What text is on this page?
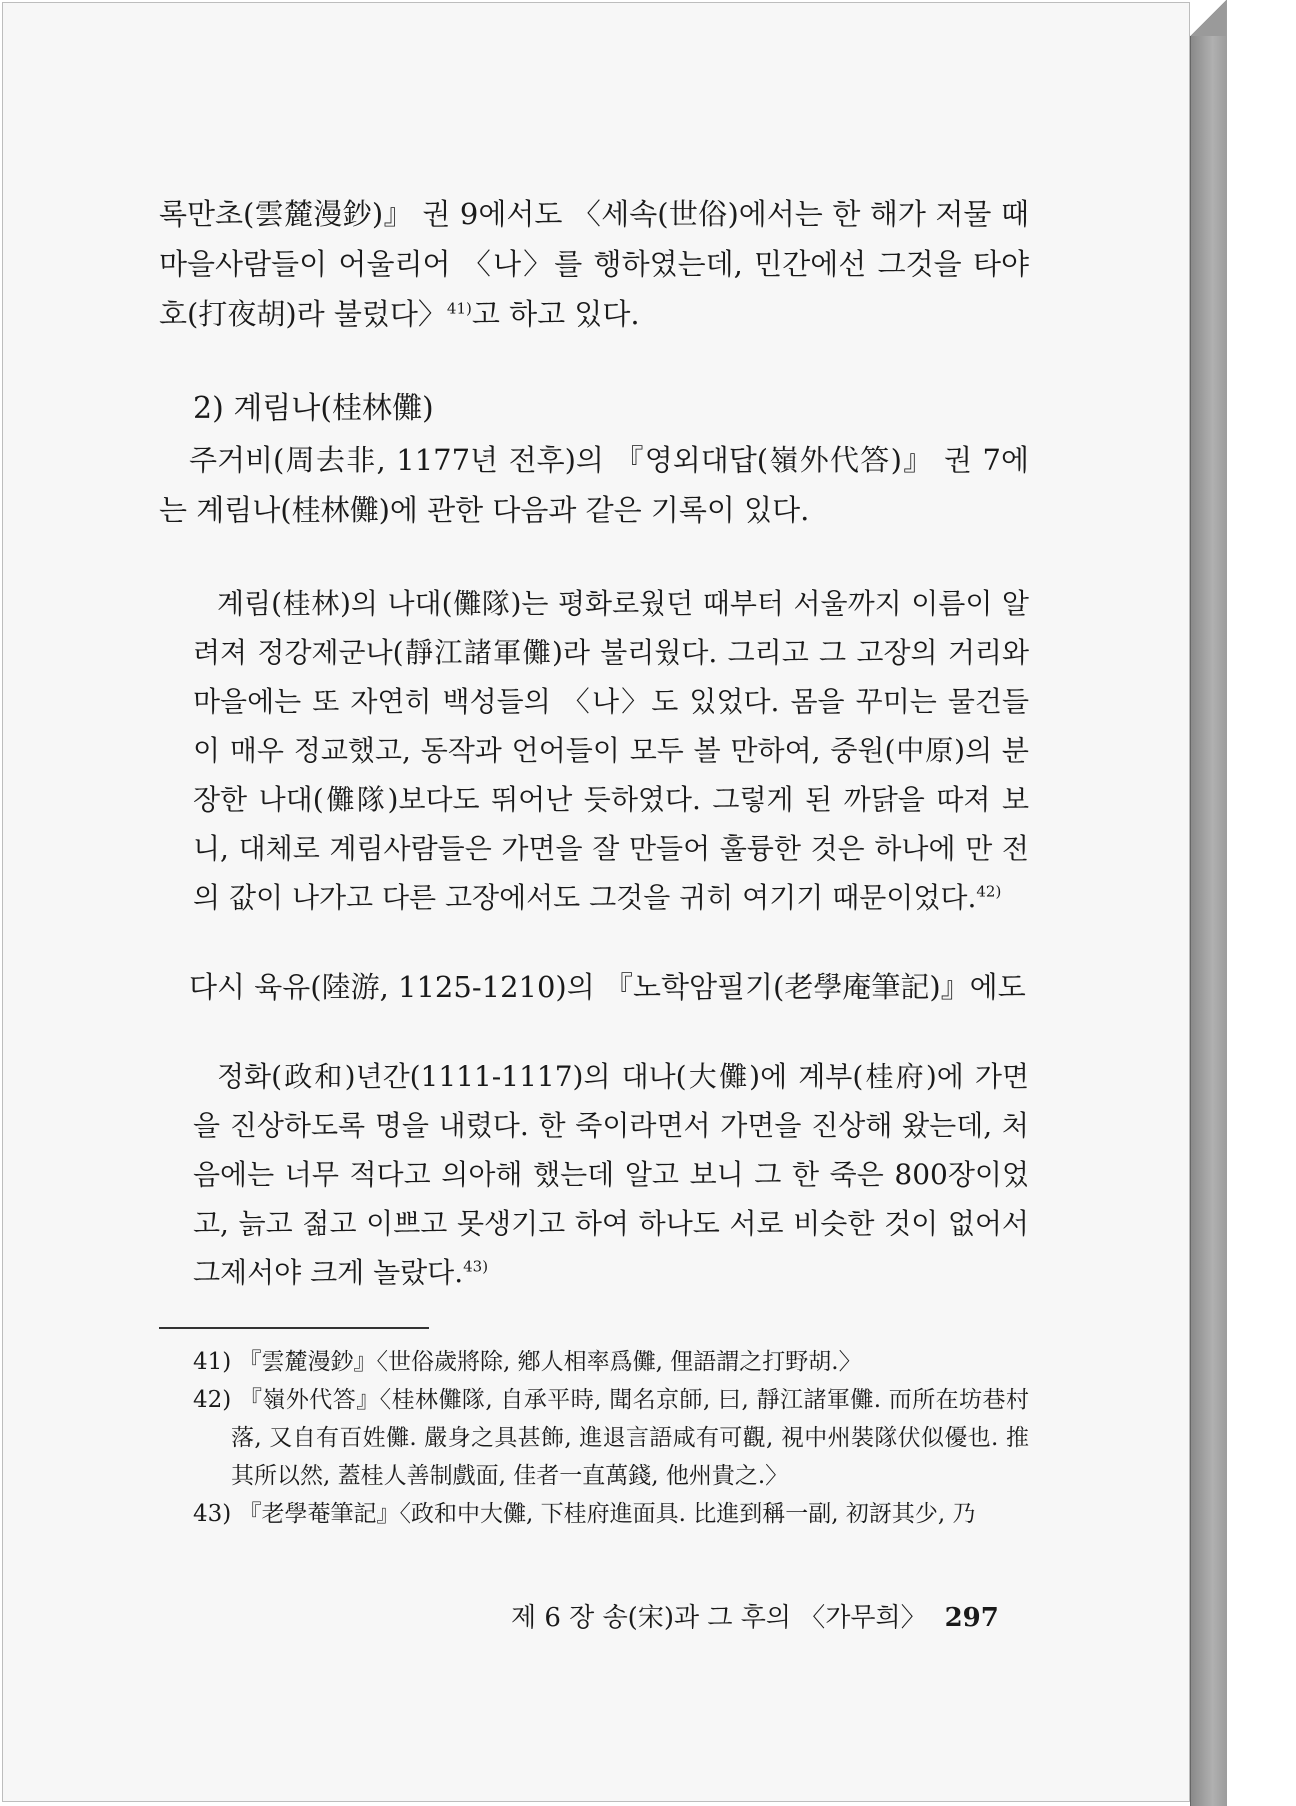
록만초(雲麓漫鈔)』 권 9에서도 〈세속(世俗)에서는 한 해가 저물 때 마을사람들이 어울리어 〈나〉를 행하였는데, 민간에선 그것을 타야호(打夜胡)라 불렀다〉$^{41)}$고 하고 있다.

2) 계림나(桂林儺)

주거비(周去非, 1177년 전후)의 『영외대답(嶺外代答)』 권 7에는 계림나(桂林儺)에 관한 다음과 같은 기록이 있다.

계림(桂林)의 나대(儺隊)는 평화로웠던 때부터 서울까지 이름이 알려져 정강제군나(靜江諸軍儺)라 불리웠다. 그리고 그 고장의 거리와 마을에는 또 자연히 백성들의 〈나〉도 있었다. 몸을 꾸미는 물건들이 매우 정교했고, 동작과 언어들이 모두 볼 만하여, 중원(中原)의 분장한 나대(儺隊)보다도 뛰어난 듯하였다. 그렇게 된 까닭을 따져 보니, 대체로 계림사람들은 가면을 잘 만들어 훌륭한 것은 하나에 만 전의 값이 나가고 다른 고장에서도 그것을 귀히 여기기 때문이었다.$^{42)}$

다시 육유(陸游, 1125-1210)의 『노학암필기(老學庵筆記)』에도

정화(政和)년간(1111-1117)의 대나(大儺)에 계부(桂府)에 가면을 진상하도록 명을 내렸다. 한 죽이라면서 가면을 진상해 왔는데, 처음에는 너무 적다고 의아해 했는데 알고 보니 그 한 죽은 800장이었고, 늙고 젊고 이쁘고 못생기고 하여 하나도 서로 비슷한 것이 없어서 그제서야 크게 놀랐다.$^{43)}$

41) 『雲麓漫鈔』〈世俗歲將除, 鄕人相率爲儺, 俚語謂之打野胡.〉

42) 『嶺外代答』〈桂林儺隊, 自承平時, 聞名京師, 曰, 靜江諸軍儺. 而所在坊巷村落, 又自有百姓儺. 嚴身之具甚飾, 進退言語咸有可觀, 視中州裝隊伏似優也. 推其所以然, 蓋桂人善制戲面, 佳者一直萬錢, 他州貴之.〉

43) 『老學菴筆記』〈政和中大儺, 下桂府進面具. 比進到稱一副, 初訝其少, 乃

제 6 장 송(宋)과 그 후의 〈가무희〉 297
